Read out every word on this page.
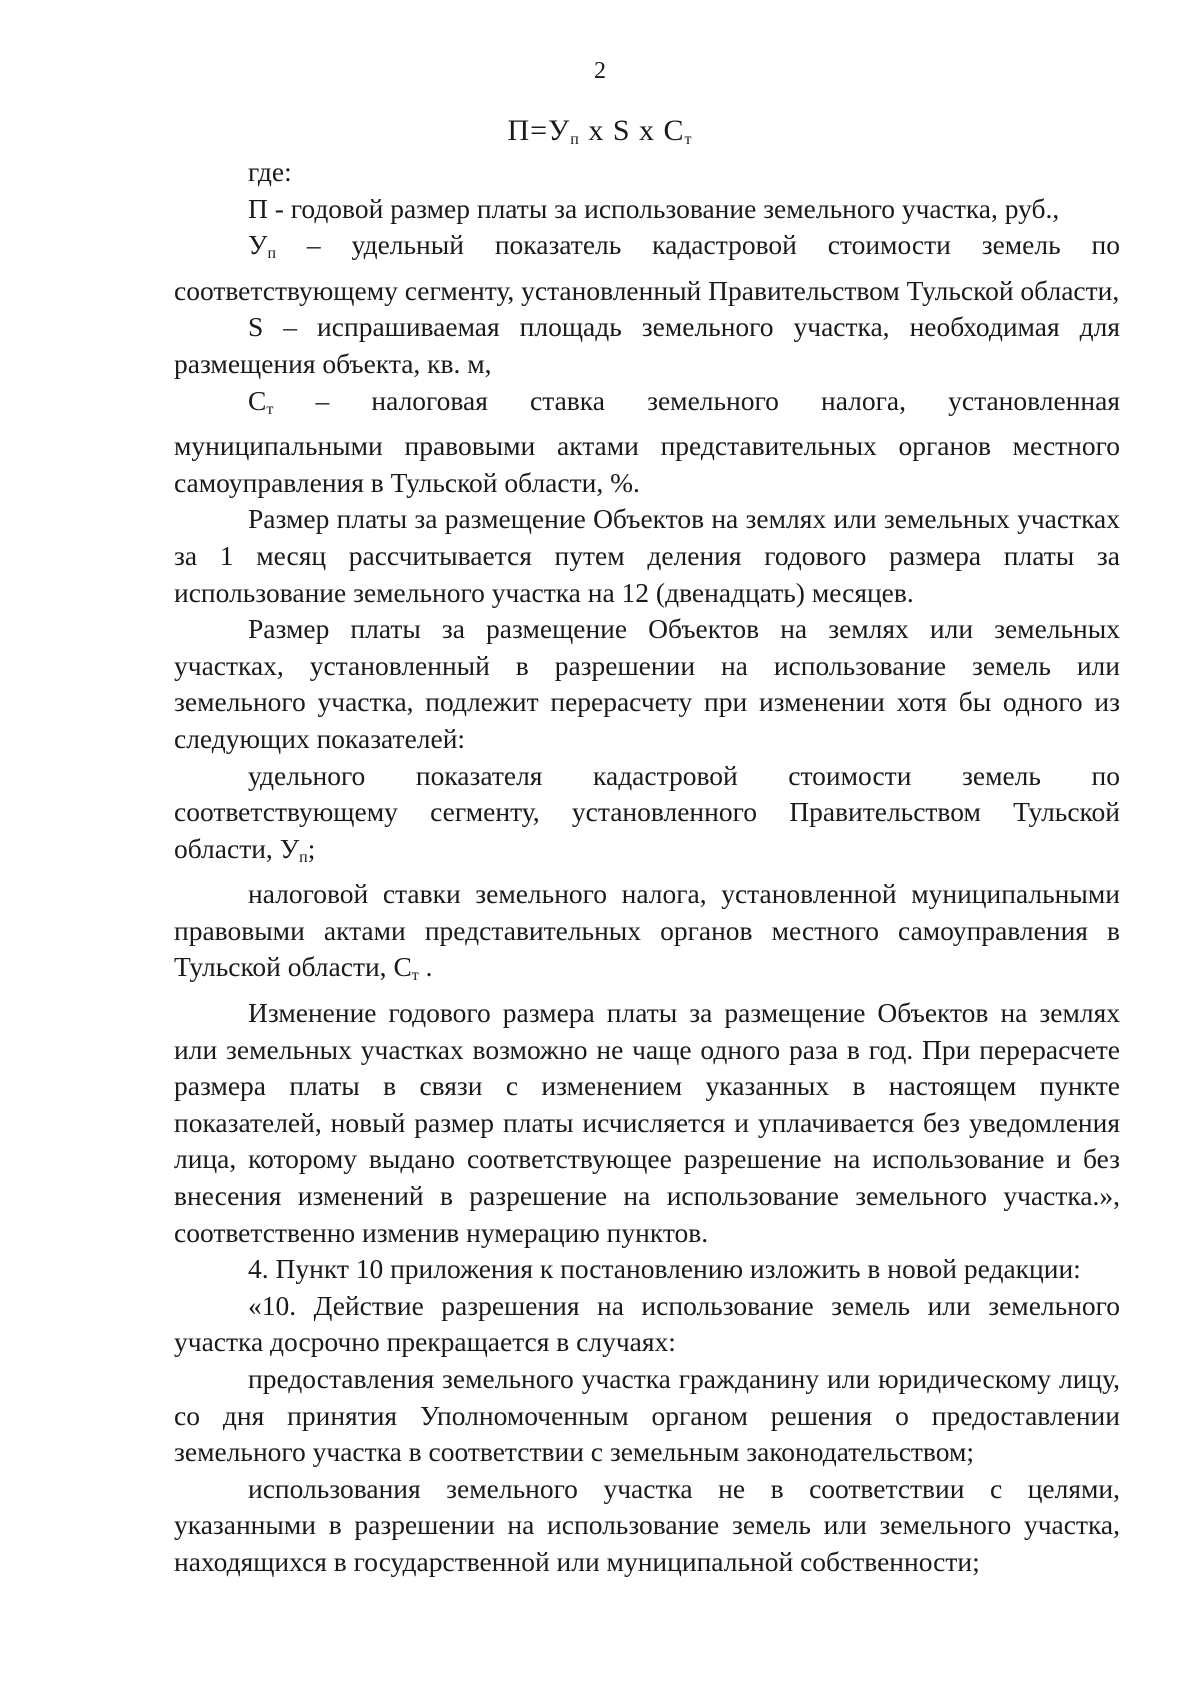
2
$П=У_п$ x S x $С_т$

где:

П - годовой размер платы за использование земельного участка, руб.,

$У_п$ – удельный показатель кадастровой стоимости земель по соответствующему сегменту, установленный Правительством Тульской области,

S – испрашиваемая площадь земельного участка, необходимая для размещения объекта, кв. м,

$С_т$ – налоговая ставка земельного налога, установленная муниципальными правовыми актами представительных органов местного самоуправления в Тульской области, %.

Размер платы за размещение Объектов на землях или земельных участках за 1 месяц рассчитывается путем деления годового размера платы за использование земельного участка на 12 (двенадцать) месяцев.

Размер платы за размещение Объектов на землях или земельных участках, установленный в разрешении на использование земель или земельного участка, подлежит перерасчету при изменении хотя бы одного из следующих показателей:

удельного показателя кадастровой стоимости земель по соответствующему сегменту, установленного Правительством Тульской области, $У_п$;

налоговой ставки земельного налога, установленной муниципальными правовыми актами представительных органов местного самоуправления в Тульской области, $С_т$ .

Изменение годового размера платы за размещение Объектов на землях или земельных участках возможно не чаще одного раза в год. При перерасчете размера платы в связи с изменением указанных в настоящем пункте показателей, новый размер платы исчисляется и уплачивается без уведомления лица, которому выдано соответствующее разрешение на использование и без внесения изменений в разрешение на использование земельного участка.», соответственно изменив нумерацию пунктов.

4. Пункт 10 приложения к постановлению изложить в новой редакции:

«10. Действие разрешения на использование земель или земельного участка досрочно прекращается в случаях:

предоставления земельного участка гражданину или юридическому лицу, со дня принятия Уполномоченным органом решения о предоставлении земельного участка в соответствии с земельным законодательством;

использования земельного участка не в соответствии с целями, указанными в разрешении на использование земель или земельного участка, находящихся в государственной или муниципальной собственности;
